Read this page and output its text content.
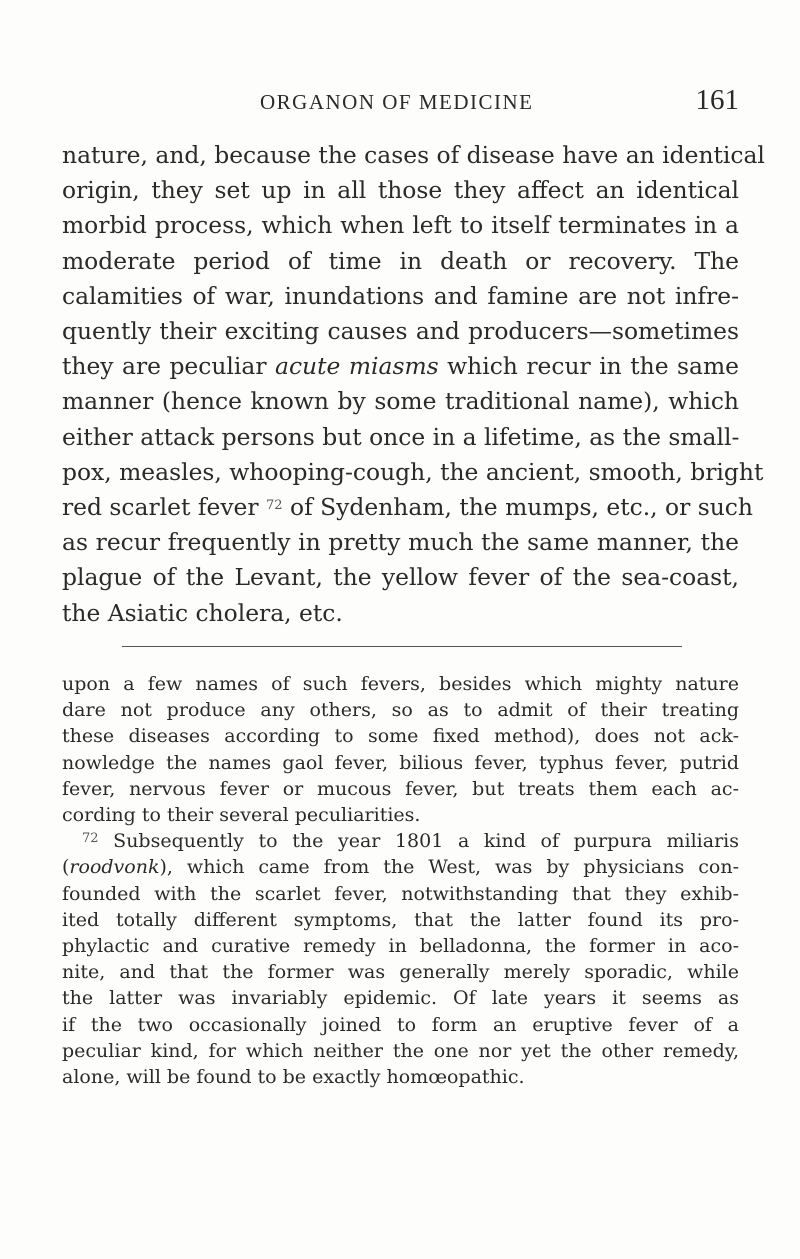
ORGANON OF MEDICINE	161
nature, and, because the cases of disease have an identical
origin, they set up in all those they affect an identical
morbid process, which when left to itself terminates in a
moderate period of time in death or recovery. The
calamities of war, inundations and famine are not infre-
quently their exciting causes and producers—sometimes
they are peculiar acute miasms which recur in the same
manner (hence known by some traditional name), which
either attack persons but once in a lifetime, as the small-
pox, measles, whooping-cough, the ancient, smooth, bright
red scarlet fever $^{72}$ of Sydenham, the mumps, etc., or such
as recur frequently in pretty much the same manner, the
plague of the Levant, the yellow fever of the sea-coast,
the Asiatic cholera, etc.
upon a few names of such fevers, besides which mighty nature
dare not produce any others, so as to admit of their treating
these diseases according to some fixed method), does not ack-
nowledge the names gaol fever, bilious fever, typhus fever, putrid
fever, nervous fever or mucous fever, but treats them each ac-
cording to their several peculiarities.
$^{72}$ Subsequently to the year 1801 a kind of purpura miliaris
(roodvonk), which came from the West, was by physicians con-
founded with the scarlet fever, notwithstanding that they exhib-
ited totally different symptoms, that the latter found its pro-
phylactic and curative remedy in belladonna, the former in aco-
nite, and that the former was generally merely sporadic, while
the latter was invariably epidemic. Of late years it seems as
if the two occasionally joined to form an eruptive fever of a
peculiar kind, for which neither the one nor yet the other remedy,
alone, will be found to be exactly homœopathic.
